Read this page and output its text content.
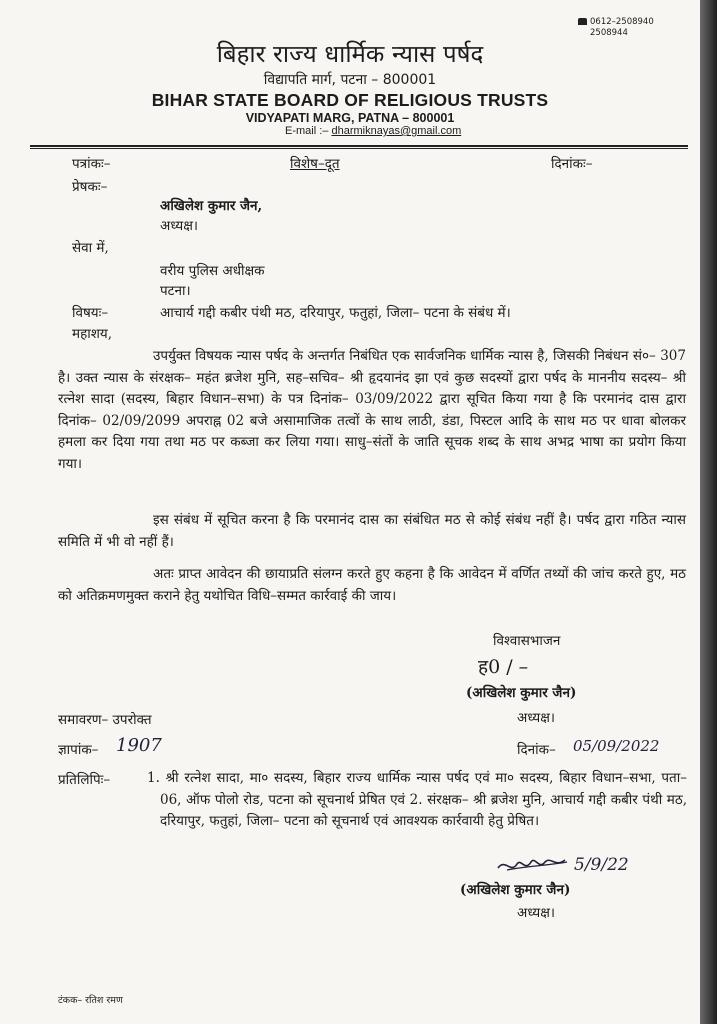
0612–2508940
2508944
बिहार राज्य धार्मिक न्यास पर्षद
विद्यापति मार्ग, पटना – 800001
BIHAR STATE BOARD OF RELIGIOUS TRUSTS
VIDYAPATI MARG, PATNA – 800001
E-mail :– dharmiknayas@gmail.com
पत्रांकः–	विशेष–दूत	दिनांकः–
प्रेषकः–
अखिलेश कुमार जैन,
अध्यक्ष।
सेवा में,
वरीय पुलिस अधीक्षक
पटना।
विषयः–	आचार्य गद्दी कबीर पंथी मठ, दरियापुर, फतुहां, जिला– पटना के संबंध में।
महाशय,
उपर्युक्त विषयक न्यास पर्षद के अन्तर्गत निबंधित एक सार्वजनिक धार्मिक न्यास है, जिसकी निबंधन सं०– 307 है। उक्त न्यास के संरक्षक– महंत ब्रजेश मुनि, सह–सचिव– श्री हृदयानंद झा एवं कुछ सदस्यों द्वारा पर्षद के माननीय सदस्य– श्री रत्नेश सादा (सदस्य, बिहार विधान–सभा) के पत्र दिनांक– 03/09/2022 द्वारा सूचित किया गया है कि परमानंद दास द्वारा दिनांक– 02/09/2099 अपराह्न 02 बजे असामाजिक तत्वों के साथ लाठी, डंडा, पिस्टल आदि के साथ मठ पर धावा बोलकर हमला कर दिया गया तथा मठ पर कब्जा कर लिया गया। साधु–संतों के जाति सूचक शब्द के साथ अभद्र भाषा का प्रयोग किया गया।
इस संबंध में सूचित करना है कि परमानंद दास का संबंधित मठ से कोई संबंध नहीं है। पर्षद द्वारा गठित न्यास समिति में भी वो नहीं हैं।
अतः प्राप्त आवेदन की छायाप्रति संलग्न करते हुए कहना है कि आवेदन में वर्णित तथ्यों की जांच करते हुए, मठ को अतिक्रमणमुक्त कराने हेतु यथोचित विधि–सम्मत कार्रवाई की जाय।
विश्वासभाजन
ह0 / –
(अखिलेश कुमार जैन)
अध्यक्ष।
समावरण– उपरोक्त
ज्ञापांक– 1907	दिनांक– 05/09/2022
प्रतिलिपिः–	1. श्री रत्नेश सादा, मा० सदस्य, बिहार राज्य धार्मिक न्यास पर्षद एवं मा० सदस्य, बिहार विधान–सभा, पता– 06, ऑफ पोलो रोड, पटना को सूचनार्थ प्रेषित एवं 2. संरक्षक– श्री ब्रजेश मुनि, आचार्य गद्दी कबीर पंथी मठ, दरियापुर, फतुहां, जिला– पटना को सूचनार्थ एवं आवश्यक कार्रवायी हेतु प्रेषित।
5/9/22
(अखिलेश कुमार जैन)
अध्यक्ष।
टंकक– रतिश रमण
